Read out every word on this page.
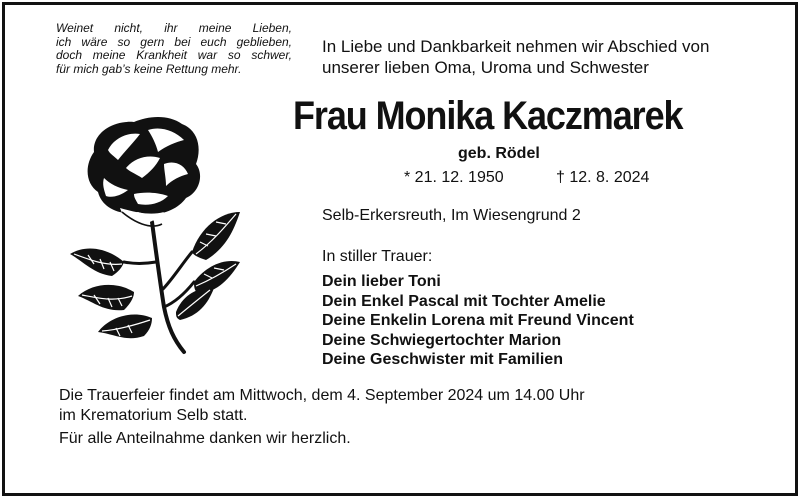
Weinet nicht, ihr meine Lieben,
ich wäre so gern bei euch geblieben,
doch meine Krankheit war so schwer,
für mich gab’s keine Rettung mehr.
In Liebe und Dankbarkeit nehmen wir Abschied von
unserer lieben Oma, Uroma und Schwester
Frau Monika Kaczmarek
geb. Rödel
* 21. 12. 1950	† 12. 8. 2024
Selb-Erkersreuth, Im Wiesengrund 2
In stiller Trauer:
Dein lieber Toni
Dein Enkel Pascal mit Tochter Amelie
Deine Enkelin Lorena mit Freund Vincent
Deine Schwiegertochter Marion
Deine Geschwister mit Familien
Die Trauerfeier findet am Mittwoch, dem 4. September 2024 um 14.00 Uhr
im Krematorium Selb statt.
Für alle Anteilnahme danken wir herzlich.
